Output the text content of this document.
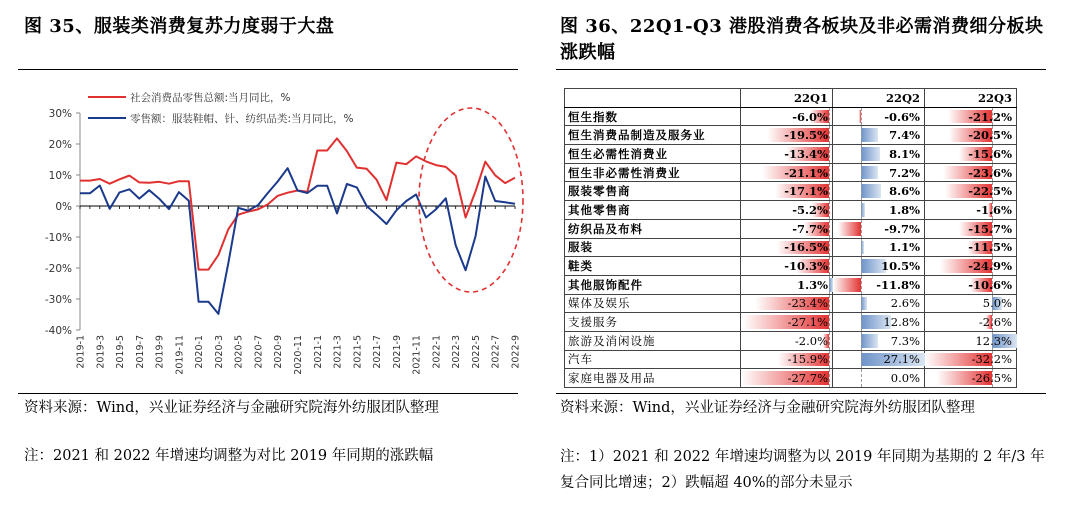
图 35、服装类消费复苏力度弱于大盘
30%
20%
10%
0%
-10%
-20%
-30%
-40%
2019-1 2019-3 2019-5 2019-7 2019-9 2019-11 2020-1 2020-3 2020-5 2020-7 2020-9 2020-11 2021-1 2021-3 2021-5 2021-7 2021-9 2021-11 2022-1 2022-3 2022-5 2022-7 2022-9
社会消费品零售总额:当月同比，%
零售额：服装鞋帽、针、纺织品类:当月同比，%
资料来源：Wind，兴业证券经济与金融研究院海外纺服团队整理
注：2021 和 2022 年增速均调整为对比 2019 年同期的涨跌幅
图 36、22Q1-Q3 港股消费各板块及非必需消费细分板块涨跌幅
	22Q1	22Q2	22Q3
恒生指数	-6.0%	-0.6%	-21.2%
恒生消费品制造及服务业	-19.5%	7.4%	-20.5%
恒生必需性消费业	-13.4%	8.1%	-15.6%
恒生非必需性消费业	-21.1%	7.2%	-23.6%
服装零售商	-17.1%	8.6%	-22.5%
其他零售商	-5.2%	1.8%	-1.6%
纺织品及布料	-7.7%	-9.7%	-15.7%
服装	-16.5%	1.1%	-11.5%
鞋类	-10.3%	10.5%	-24.9%
其他服饰配件	1.3%	-11.8%	-10.6%
媒体及娱乐	-23.4%	2.6%	5.0%
支援服务	-27.1%	12.8%	-2.6%
旅游及消闲设施	-2.0%	7.3%	12.3%
汽车	-15.9%	27.1%	-32.2%
家庭电器及用品	-27.7%	0.0%	-26.5%
资料来源：Wind，兴业证券经济与金融研究院海外纺服团队整理
注：1）2021 和 2022 年增速均调整为以 2019 年同期为基期的 2 年/3 年复合同比增速；2）跌幅超 40%的部分未显示
